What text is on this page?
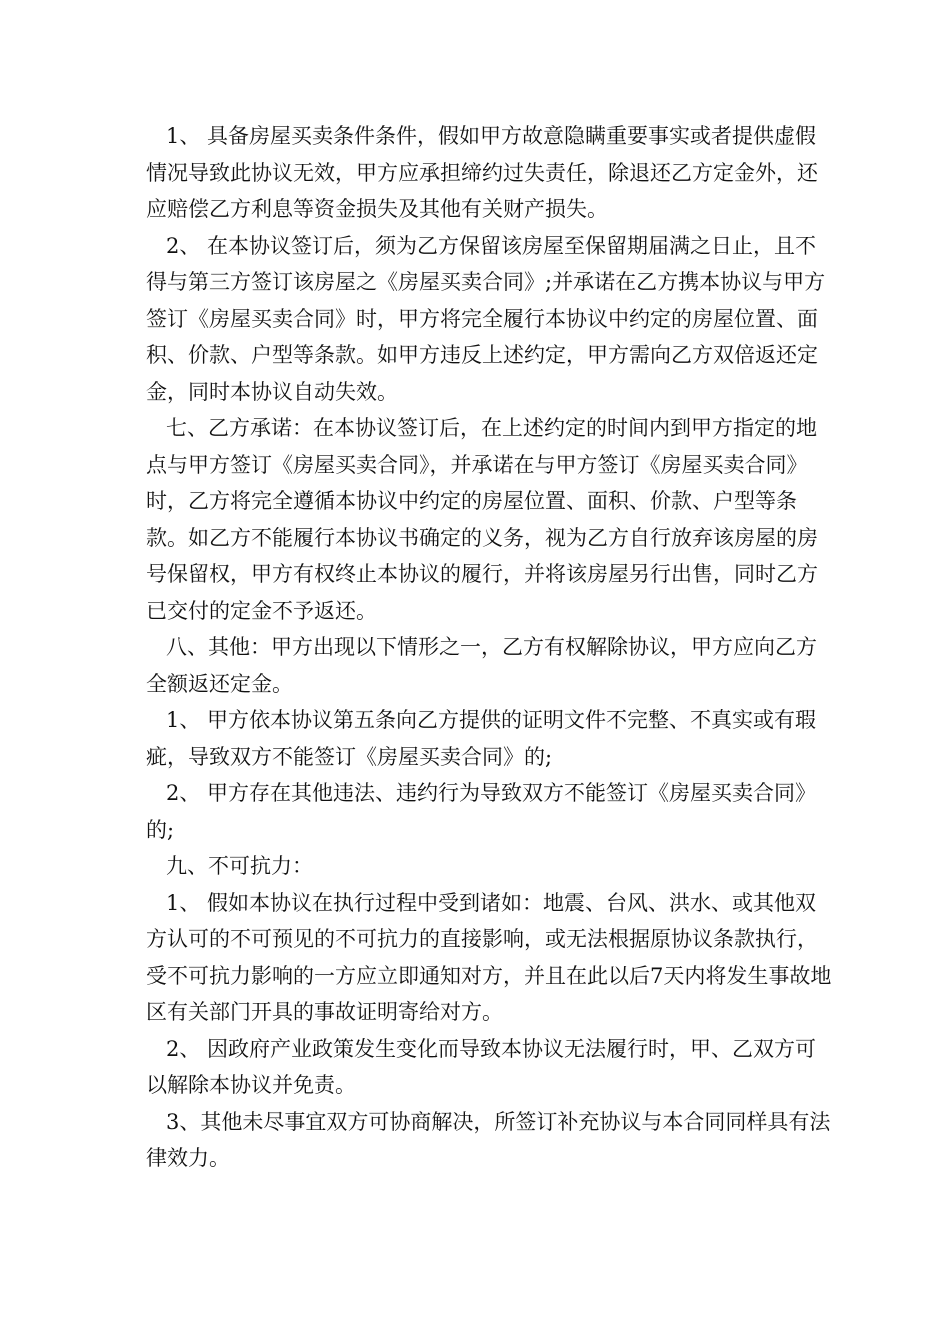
1、 具备房屋买卖条件条件，假如甲方故意隐瞒重要事实或者提供虚假情况导致此协议无效，甲方应承担缔约过失责任，除退还乙方定金外，还应赔偿乙方利息等资金损失及其他有关财产损失。

2、 在本协议签订后，须为乙方保留该房屋至保留期届满之日止，且不得与第三方签订该房屋之《房屋买卖合同》;并承诺在乙方携本协议与甲方签订《房屋买卖合同》时，甲方将完全履行本协议中约定的房屋位置、面积、价款、户型等条款。如甲方违反上述约定，甲方需向乙方双倍返还定金，同时本协议自动失效。

七、乙方承诺：在本协议签订后，在上述约定的时间内到甲方指定的地点与甲方签订《房屋买卖合同》，并承诺在与甲方签订《房屋买卖合同》时，乙方将完全遵循本协议中约定的房屋位置、面积、价款、户型等条款。如乙方不能履行本协议书确定的义务，视为乙方自行放弃该房屋的房号保留权，甲方有权终止本协议的履行，并将该房屋另行出售，同时乙方已交付的定金不予返还。

八、其他：甲方出现以下情形之一，乙方有权解除协议，甲方应向乙方全额返还定金。

1、 甲方依本协议第五条向乙方提供的证明文件不完整、不真实或有瑕疵，导致双方不能签订《房屋买卖合同》的;

2、 甲方存在其他违法、违约行为导致双方不能签订《房屋买卖合同》的;

九、不可抗力：

1、 假如本协议在执行过程中受到诸如：地震、台风、洪水、或其他双方认可的不可预见的不可抗力的直接影响，或无法根据原协议条款执行，受不可抗力影响的一方应立即通知对方，并且在此以后7天内将发生事故地区有关部门开具的事故证明寄给对方。

2、 因政府产业政策发生变化而导致本协议无法履行时，甲、乙双方可以解除本协议并免责。

3、其他未尽事宜双方可协商解决，所签订补充协议与本合同同样具有法律效力。
